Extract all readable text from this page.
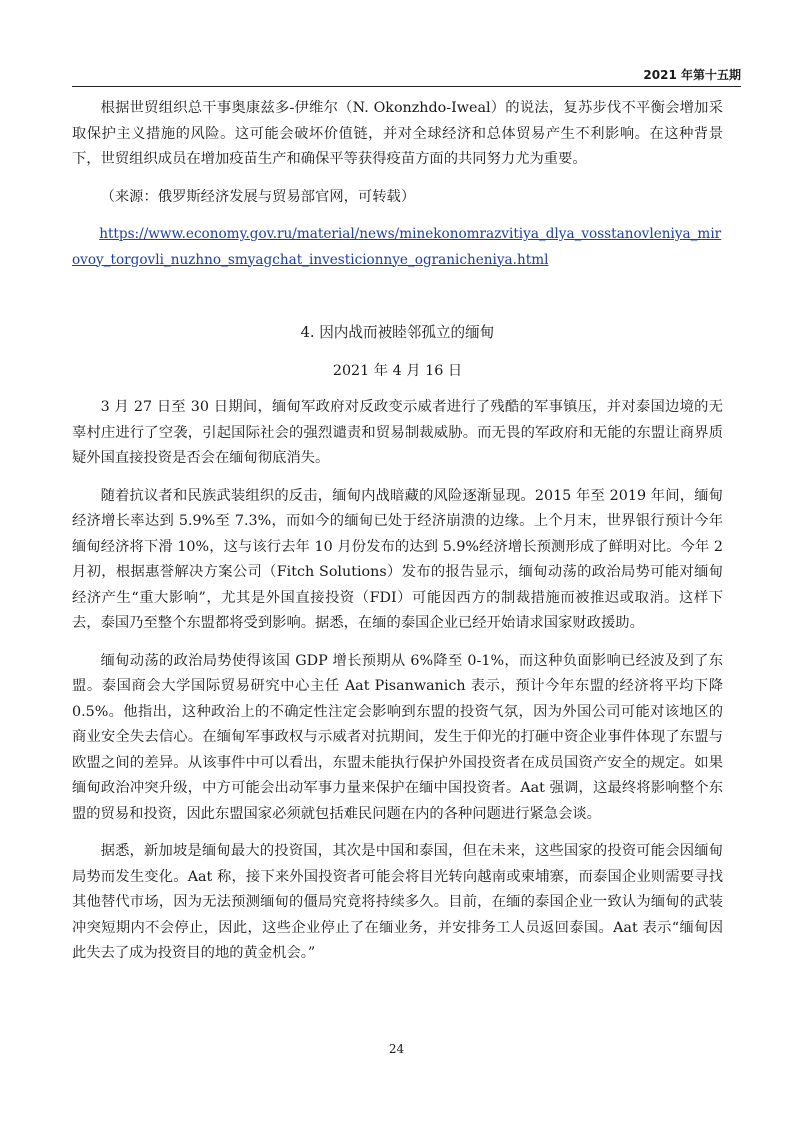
2021 年第十五期

根据世贸组织总干事奥康兹多-伊维尔（N. Okonzhdo-Iweal）的说法，复苏步伐不平衡会增加采取保护主义措施的风险。这可能会破坏价值链，并对全球经济和总体贸易产生不利影响。在这种背景下，世贸组织成员在增加疫苗生产和确保平等获得疫苗方面的共同努力尤为重要。

（来源：俄罗斯经济发展与贸易部官网，可转载）
https://www.economy.gov.ru/material/news/minekonomrazvitiya_dlya_vosstanovleniya_mirovoy_torgovli_nuzhno_smyagchat_investicionnye_ogranicheniya.html
4. 因内战而被睦邻孤立的缅甸
2021 年 4 月 16 日

3 月 27 日至 30 日期间，缅甸军政府对反政变示威者进行了残酷的军事镇压，并对泰国边境的无辜村庄进行了空袭，引起国际社会的强烈谴责和贸易制裁威胁。而无畏的军政府和无能的东盟让商界质疑外国直接投资是否会在缅甸彻底消失。

随着抗议者和民族武装组织的反击，缅甸内战暗藏的风险逐渐显现。2015 年至 2019 年间，缅甸经济增长率达到 5.9%至 7.3%，而如今的缅甸已处于经济崩溃的边缘。上个月末，世界银行预计今年缅甸经济将下滑 10%，这与该行去年 10 月份发布的达到 5.9%经济增长预测形成了鲜明对比。今年 2 月初，根据惠誉解决方案公司（Fitch Solutions）发布的报告显示，缅甸动荡的政治局势可能对缅甸经济产生“重大影响”，尤其是外国直接投资（FDI）可能因西方的制裁措施而被推迟或取消。这样下去，泰国乃至整个东盟都将受到影响。据悉，在缅的泰国企业已经开始请求国家财政援助。

缅甸动荡的政治局势使得该国 GDP 增长预期从 6%降至 0-1%，而这种负面影响已经波及到了东盟。泰国商会大学国际贸易研究中心主任 Aat Pisanwanich 表示，预计今年东盟的经济将平均下降 0.5%。他指出，这种政治上的不确定性注定会影响到东盟的投资气氛，因为外国公司可能对该地区的商业安全失去信心。在缅甸军事政权与示威者对抗期间，发生于仰光的打砸中资企业事件体现了东盟与欧盟之间的差异。从该事件中可以看出，东盟未能执行保护外国投资者在成员国资产安全的规定。如果缅甸政治冲突升级，中方可能会出动军事力量来保护在缅中国投资者。Aat 强调，这最终将影响整个东盟的贸易和投资，因此东盟国家必须就包括难民问题在内的各种问题进行紧急会谈。

据悉，新加坡是缅甸最大的投资国，其次是中国和泰国，但在未来，这些国家的投资可能会因缅甸局势而发生变化。Aat 称，接下来外国投资者可能会将目光转向越南或柬埔寨，而泰国企业则需要寻找其他替代市场，因为无法预测缅甸的僵局究竟将持续多久。目前，在缅的泰国企业一致认为缅甸的武装冲突短期内不会停止，因此，这些企业停止了在缅业务，并安排务工人员返回泰国。Aat 表示“缅甸因此失去了成为投资目的地的黄金机会。”

24
